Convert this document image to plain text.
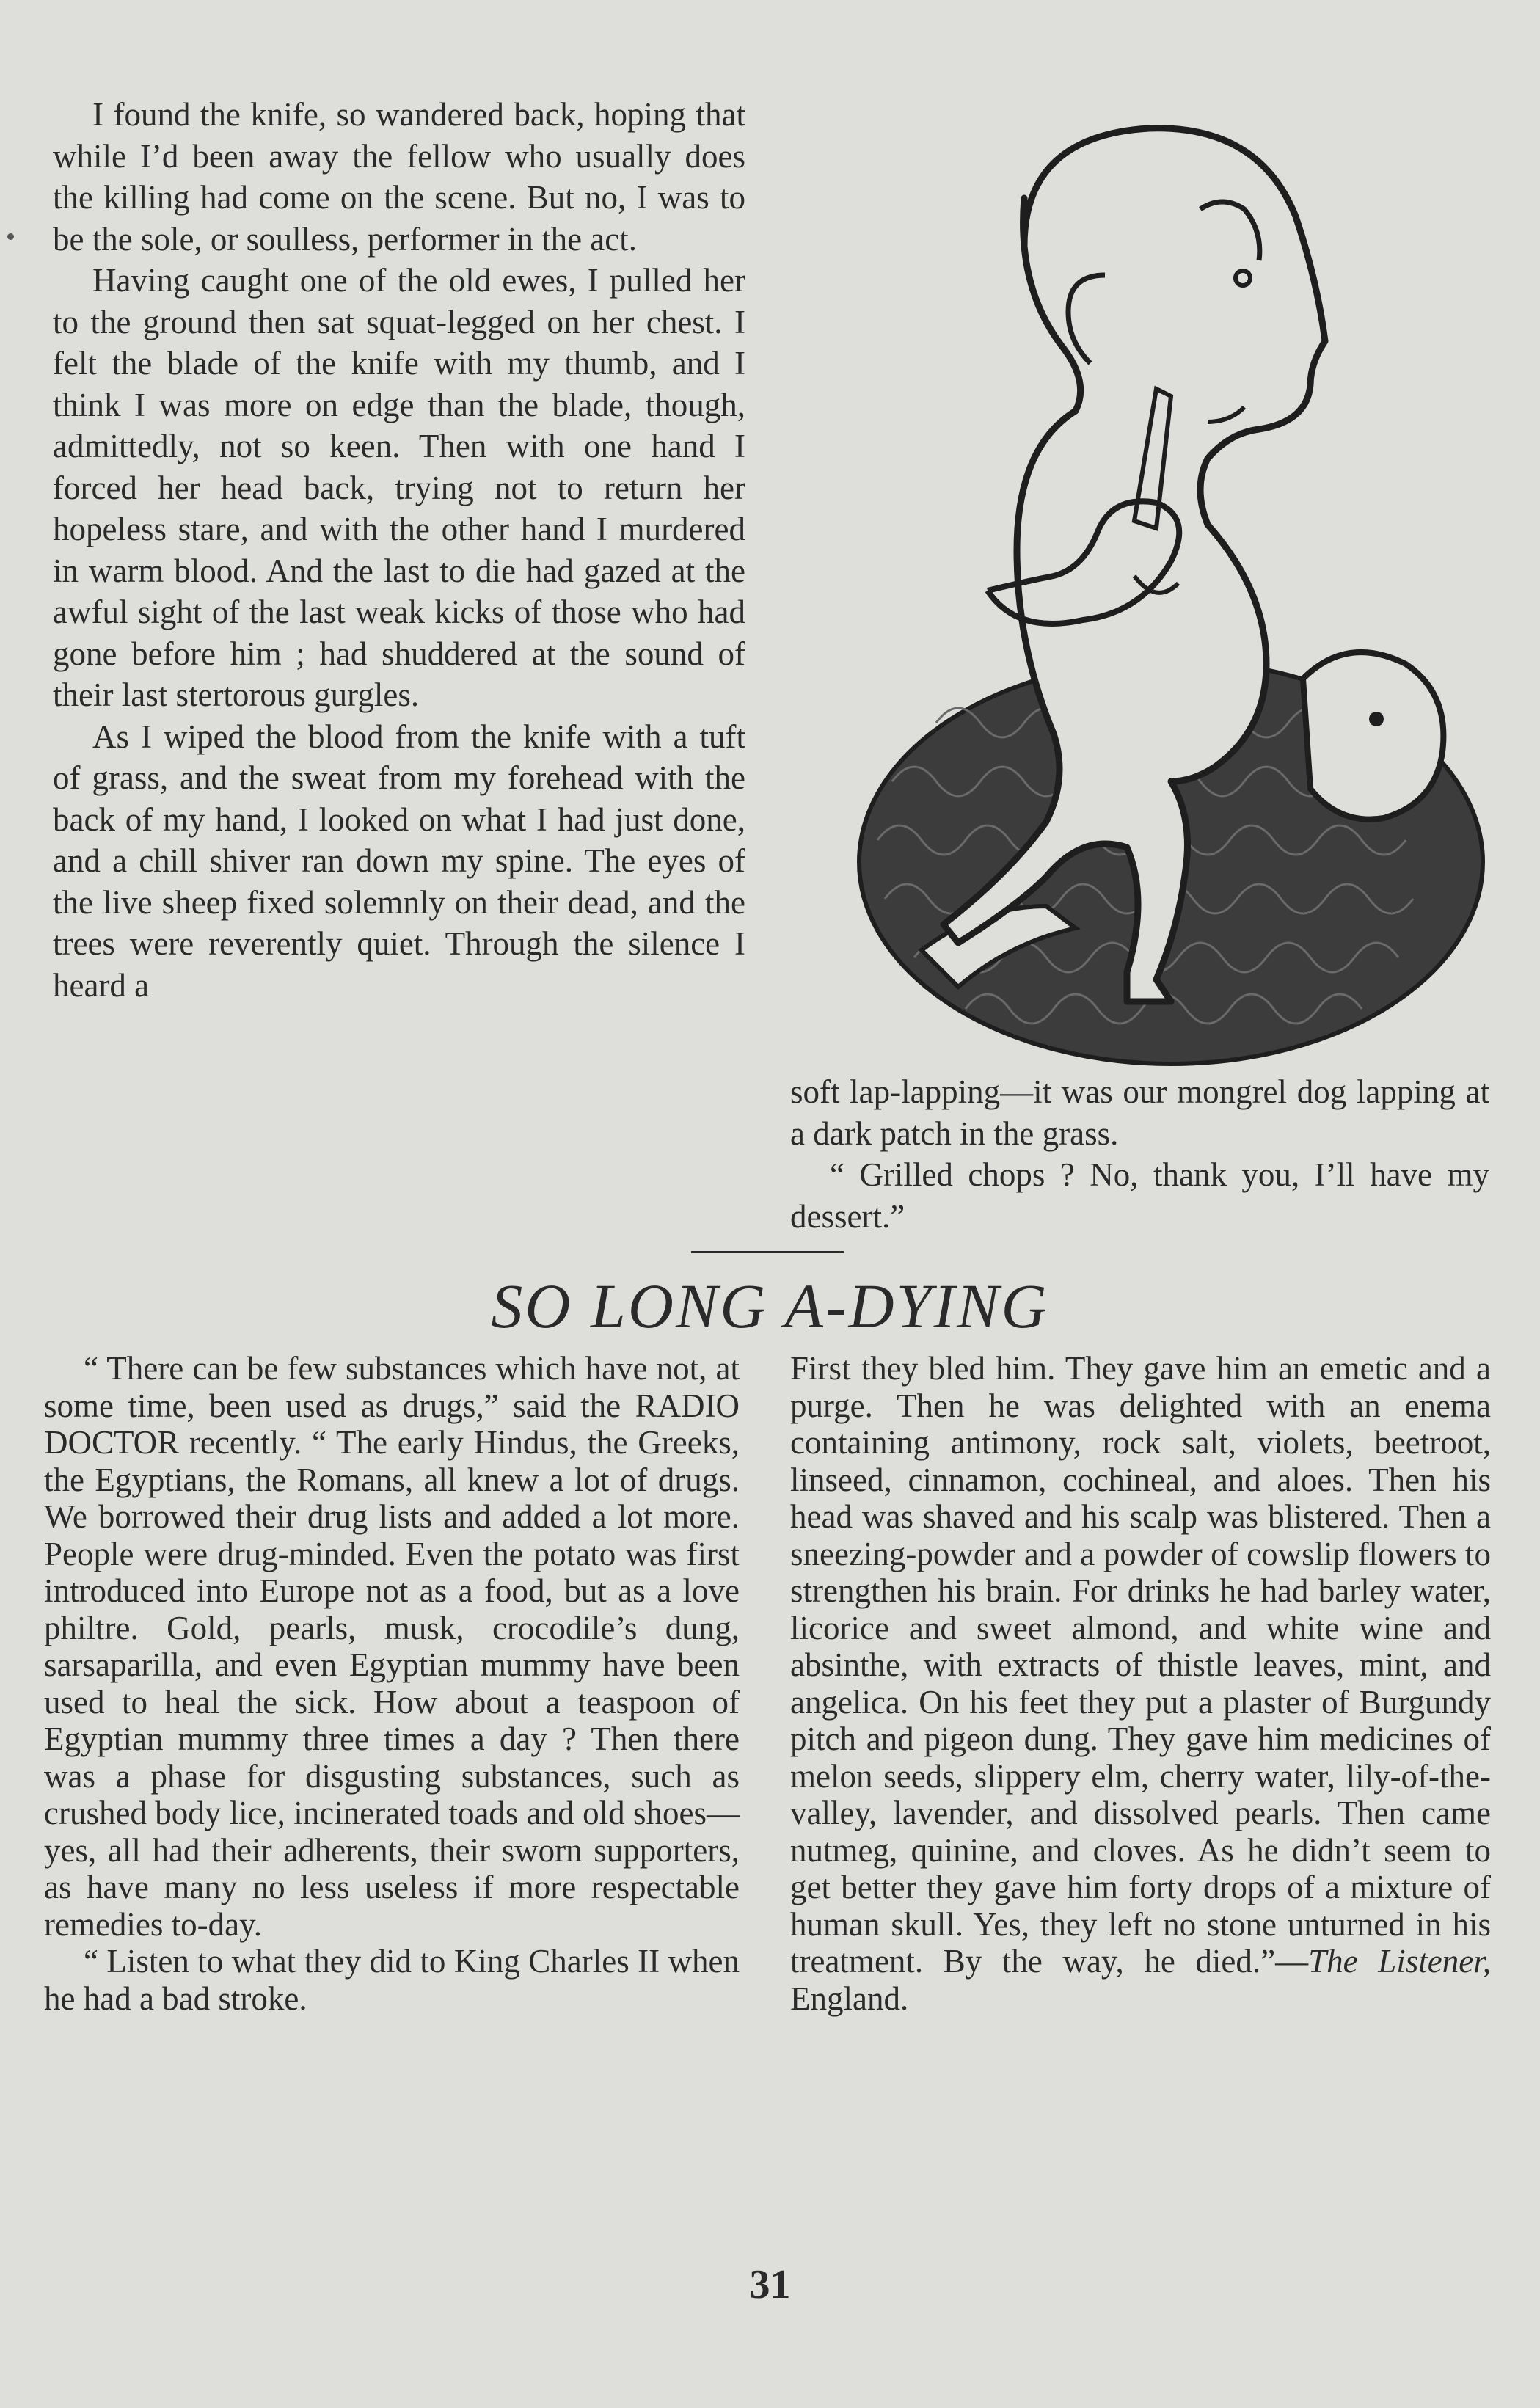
I found the knife, so wandered back, hoping that while I’d been away the fellow who usually does the killing had come on the scene. But no, I was to be the sole, or soulless, performer in the act.

Having caught one of the old ewes, I pulled her to the ground then sat squat-legged on her chest. I felt the blade of the knife with my thumb, and I think I was more on edge than the blade, though, admittedly, not so keen. Then with one hand I forced her head back, trying not to return her hopeless stare, and with the other hand I murdered in warm blood. And the last to die had gazed at the awful sight of the last weak kicks of those who had gone before him ; had shuddered at the sound of their last stertorous gurgles.

As I wiped the blood from the knife with a tuft of grass, and the sweat from my forehead with the back of my hand, I looked on what I had just done, and a chill shiver ran down my spine. The eyes of the live sheep fixed solemnly on their dead, and the trees were reverently quiet. Through the silence I heard a

soft lap-lapping—it was our mongrel dog lapping at a dark patch in the grass.

“ Grilled chops ? No, thank you, I’ll have my dessert.”

SO LONG A-DYING

“ There can be few substances which have not, at some time, been used as drugs,” said the RADIO DOCTOR recently. “ The early Hindus, the Greeks, the Egyptians, the Romans, all knew a lot of drugs. We borrowed their drug lists and added a lot more. People were drug-minded. Even the potato was first introduced into Europe not as a food, but as a love philtre. Gold, pearls, musk, crocodile’s dung, sarsaparilla, and even Egyptian mummy have been used to heal the sick. How about a teaspoon of Egyptian mummy three times a day ? Then there was a phase for disgusting substances, such as crushed body lice, incinerated toads and old shoes—yes, all had their adherents, their sworn supporters, as have many no less useless if more respectable remedies to-day.

“ Listen to what they did to King Charles II when he had a bad stroke.

First they bled him. They gave him an emetic and a purge. Then he was delighted with an enema containing antimony, rock salt, violets, beetroot, linseed, cinnamon, cochineal, and aloes. Then his head was shaved and his scalp was blistered. Then a sneezing-powder and a powder of cowslip flowers to strengthen his brain. For drinks he had barley water, licorice and sweet almond, and white wine and absinthe, with extracts of thistle leaves, mint, and angelica. On his feet they put a plaster of Burgundy pitch and pigeon dung. They gave him medicines of melon seeds, slippery elm, cherry water, lily-of-the-valley, lavender, and dissolved pearls. Then came nutmeg, quinine, and cloves. As he didn’t seem to get better they gave him forty drops of a mixture of human skull. Yes, they left no stone unturned in his treatment. By the way, he died.”—The Listener, England.

31
